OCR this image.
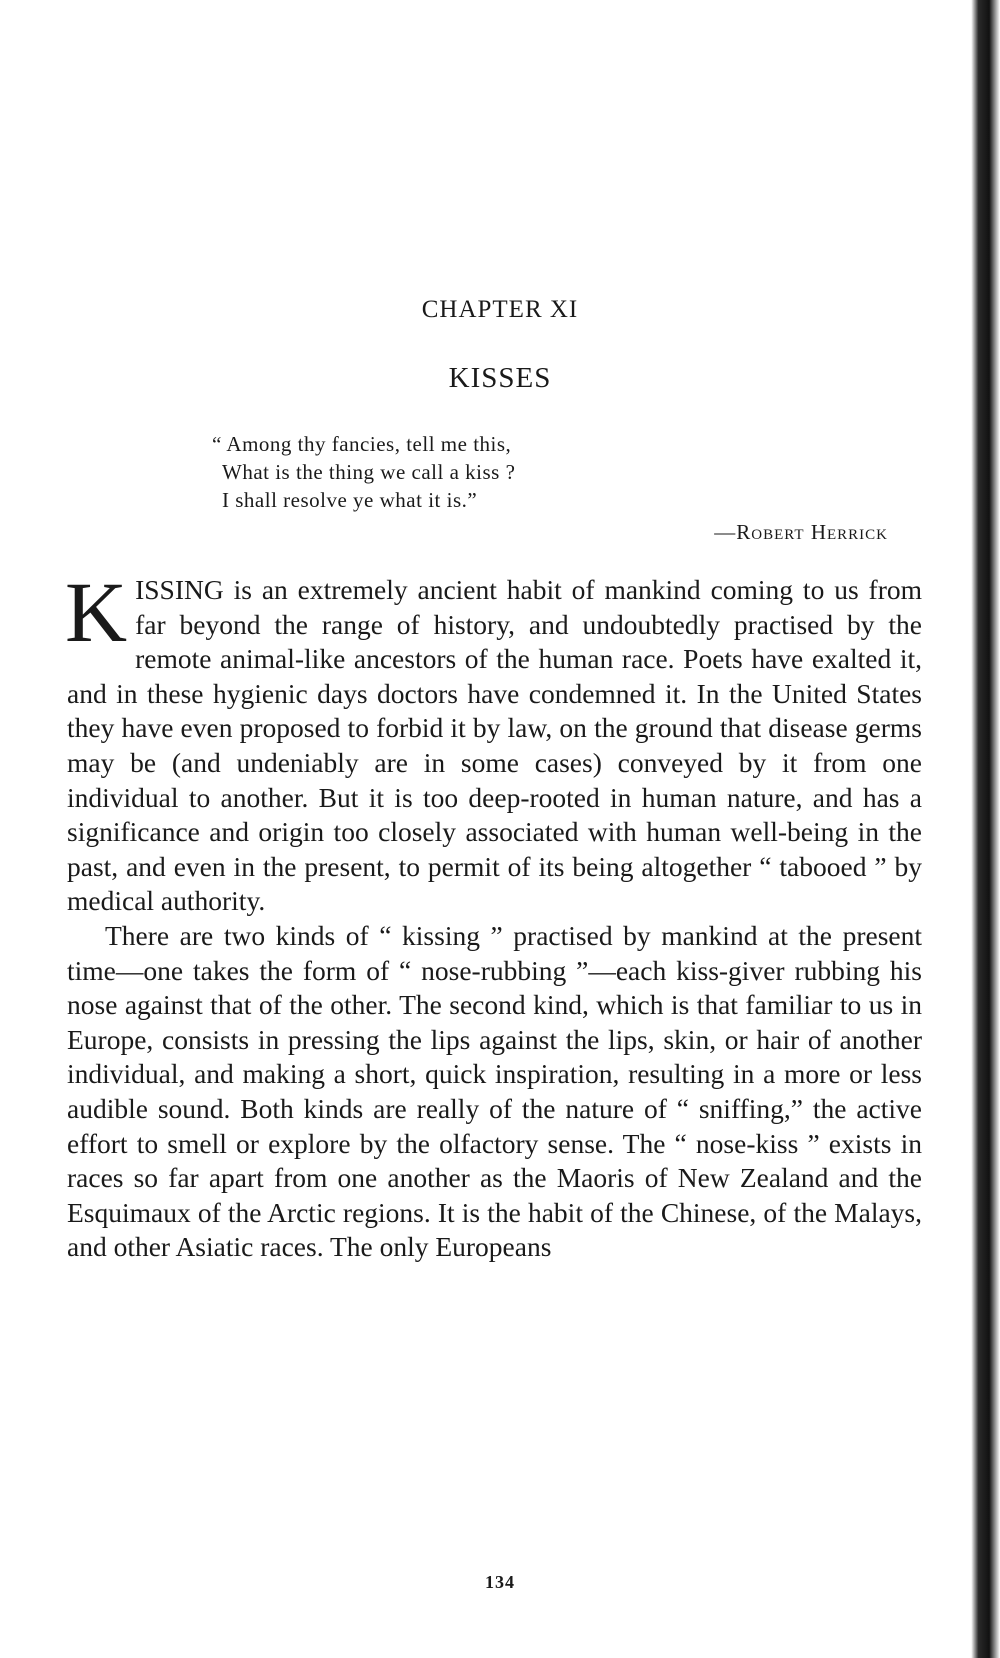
CHAPTER XI
KISSES
“ Among thy fancies, tell me this,
What is the thing we call a kiss ?
I shall resolve ye what it is.”
—Robert Herrick

KISSING is an extremely ancient habit of mankind coming to us from far beyond the range of history, and undoubtedly practised by the remote animal-like ancestors of the human race. Poets have exalted it, and in these hygienic days doctors have condemned it. In the United States they have even proposed to forbid it by law, on the ground that disease germs may be (and undeniably are in some cases) conveyed by it from one individual to another. But it is too deep-rooted in human nature, and has a significance and origin too closely associated with human well-being in the past, and even in the present, to permit of its being altogether “ tabooed ” by medical authority.

There are two kinds of “ kissing ” practised by mankind at the present time—one takes the form of “ nose-rubbing ”—each kiss-giver rubbing his nose against that of the other. The second kind, which is that familiar to us in Europe, consists in pressing the lips against the lips, skin, or hair of another individual, and making a short, quick inspiration, resulting in a more or less audible sound. Both kinds are really of the nature of “ sniffing,” the active effort to smell or explore by the olfactory sense. The “ nose-kiss ” exists in races so far apart from one another as the Maoris of New Zealand and the Esquimaux of the Arctic regions. It is the habit of the Chinese, of the Malays, and other Asiatic races. The only Europeans

134
